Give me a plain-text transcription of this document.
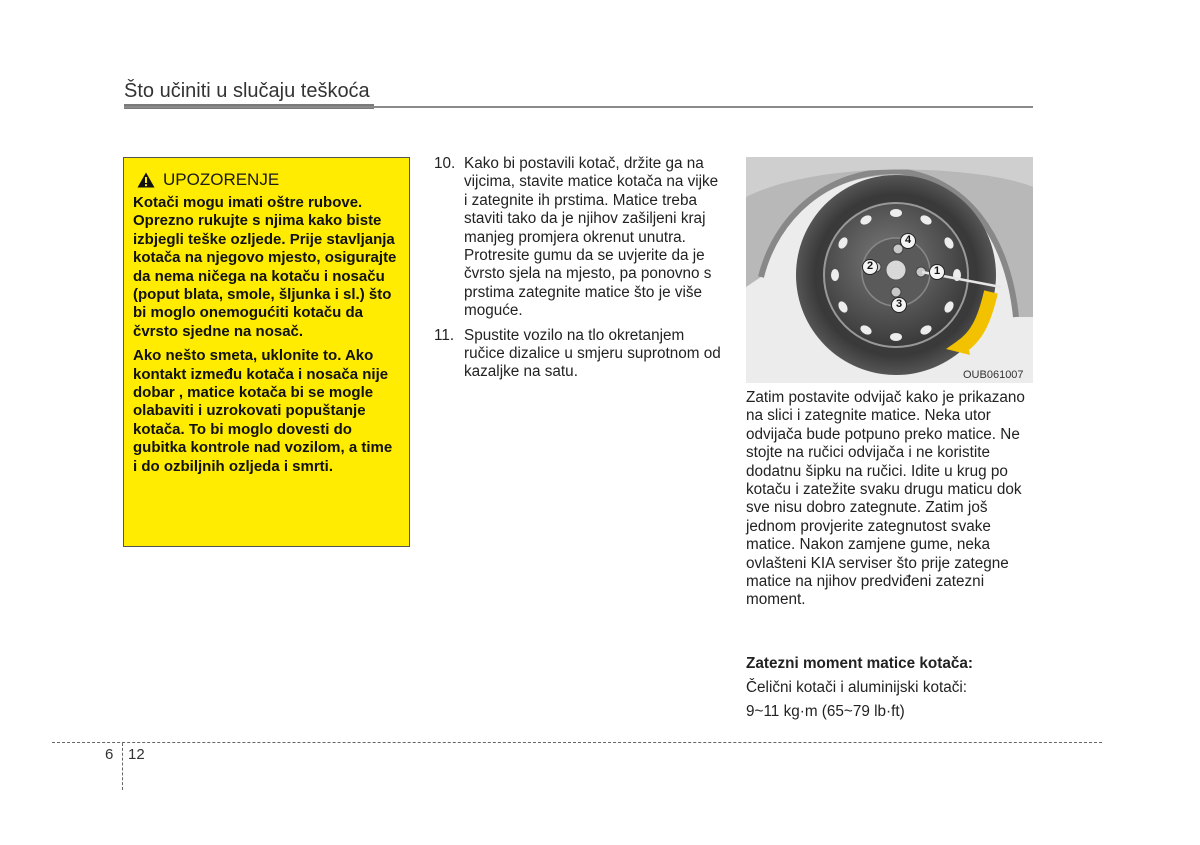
Što učiniti u slučaju teškoća
UPOZORENJE

Kotači mogu imati oštre rubove. Oprezno rukujte s njima kako biste izbjegli teške ozljede. Prije stavljanja kotača na njegovo mjesto, osigurajte da nema ničega na kotaču i nosaču (poput blata, smole, šljunka i sl.) što bi moglo onemogućiti kotaču da čvrsto sjedne na nosač.

Ako nešto smeta, uklonite to. Ako kontakt između kotača i nosača nije dobar , matice kotača bi se mogle olabaviti i uzrokovati popuštanje kotača. To bi moglo dovesti do gubitka kontrole nad vozilom, a time i do ozbiljnih ozljeda i smrti.

10. Kako bi postavili kotač, držite ga na vijcima, stavite matice kotača na vijke i zategnite ih prstima. Matice treba staviti tako da je njihov zašiljeni kraj manjeg promjera okrenut unutra. Protresite gumu da se uvjerite da je čvrsto sjela na mjesto, pa ponovno s prstima zategnite matice što je više moguće.
11. Spustite vozilo na tlo okretanjem ručice dizalice u smjeru suprotnom od kazaljke na satu.
1
2
3
4
OUB061007
Zatim postavite odvijač kako je prikazano na slici i zategnite matice. Neka utor odvijača bude potpuno preko matice. Ne stojte na ručici odvijača i ne koristite dodatnu šipku na ručici. Idite u krug po kotaču i zatežite svaku drugu maticu dok sve nisu dobro zategnute. Zatim još jednom provjerite zategnutost svake matice. Nakon zamjene gume, neka ovlašteni KIA serviser što prije zategne matice na njihov predviđeni zatezni moment.
Zatezni moment matice kotača:
Čelični kotači i aluminijski kotači:
9~11 kg·m (65~79 lb·ft)
6 12
